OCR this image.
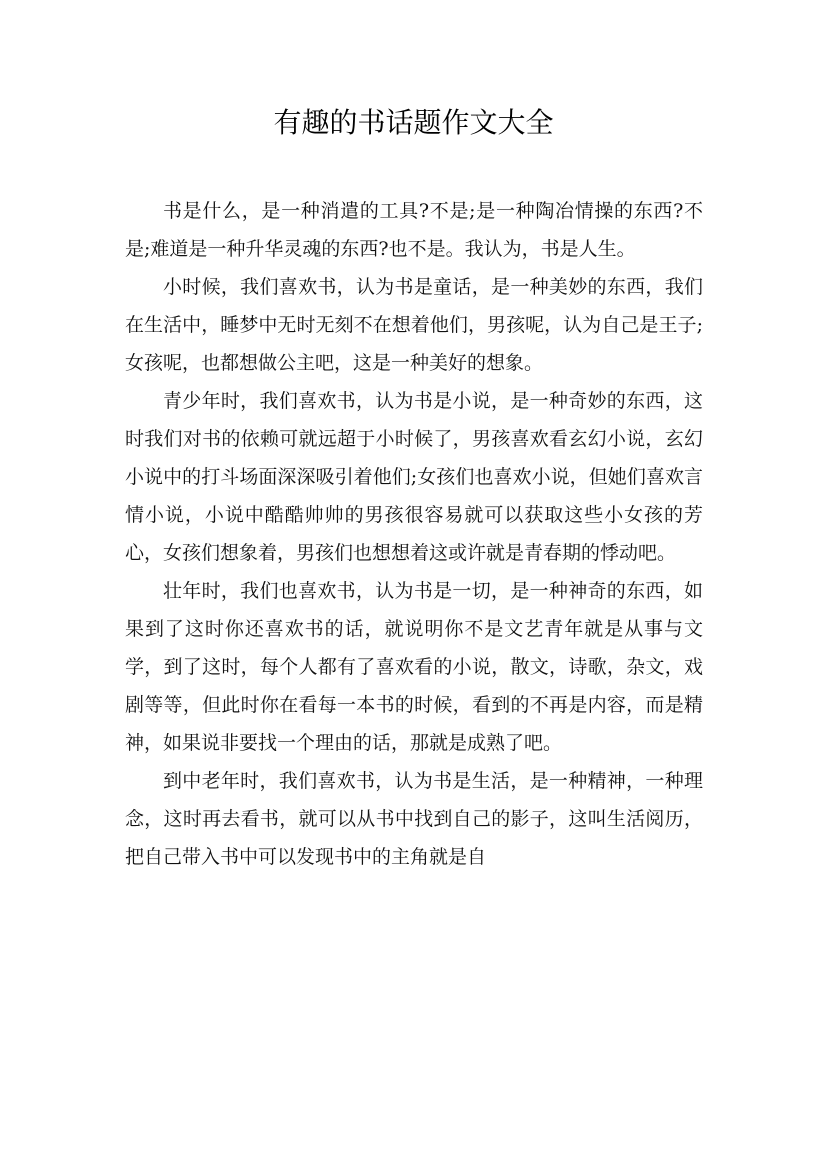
有趣的书话题作文大全

书是什么，是一种消遣的工具?不是;是一种陶冶情操的东西?不是;难道是一种升华灵魂的东西?也不是。我认为，书是人生。

小时候，我们喜欢书，认为书是童话，是一种美妙的东西，我们在生活中，睡梦中无时无刻不在想着他们，男孩呢，认为自己是王子;女孩呢，也都想做公主吧，这是一种美好的想象。

青少年时，我们喜欢书，认为书是小说，是一种奇妙的东西，这时我们对书的依赖可就远超于小时候了，男孩喜欢看玄幻小说，玄幻小说中的打斗场面深深吸引着他们;女孩们也喜欢小说，但她们喜欢言情小说，小说中酷酷帅帅的男孩很容易就可以获取这些小女孩的芳心，女孩们想象着，男孩们也想想着这或许就是青春期的悸动吧。

壮年时，我们也喜欢书，认为书是一切，是一种神奇的东西，如果到了这时你还喜欢书的话，就说明你不是文艺青年就是从事与文学，到了这时，每个人都有了喜欢看的小说，散文，诗歌，杂文，戏剧等等，但此时你在看每一本书的时候，看到的不再是内容，而是精神，如果说非要找一个理由的话，那就是成熟了吧。

到中老年时，我们喜欢书，认为书是生活，是一种精神，一种理念，这时再去看书，就可以从书中找到自己的影子，这叫生活阅历，把自己带入书中可以发现书中的主角就是自
